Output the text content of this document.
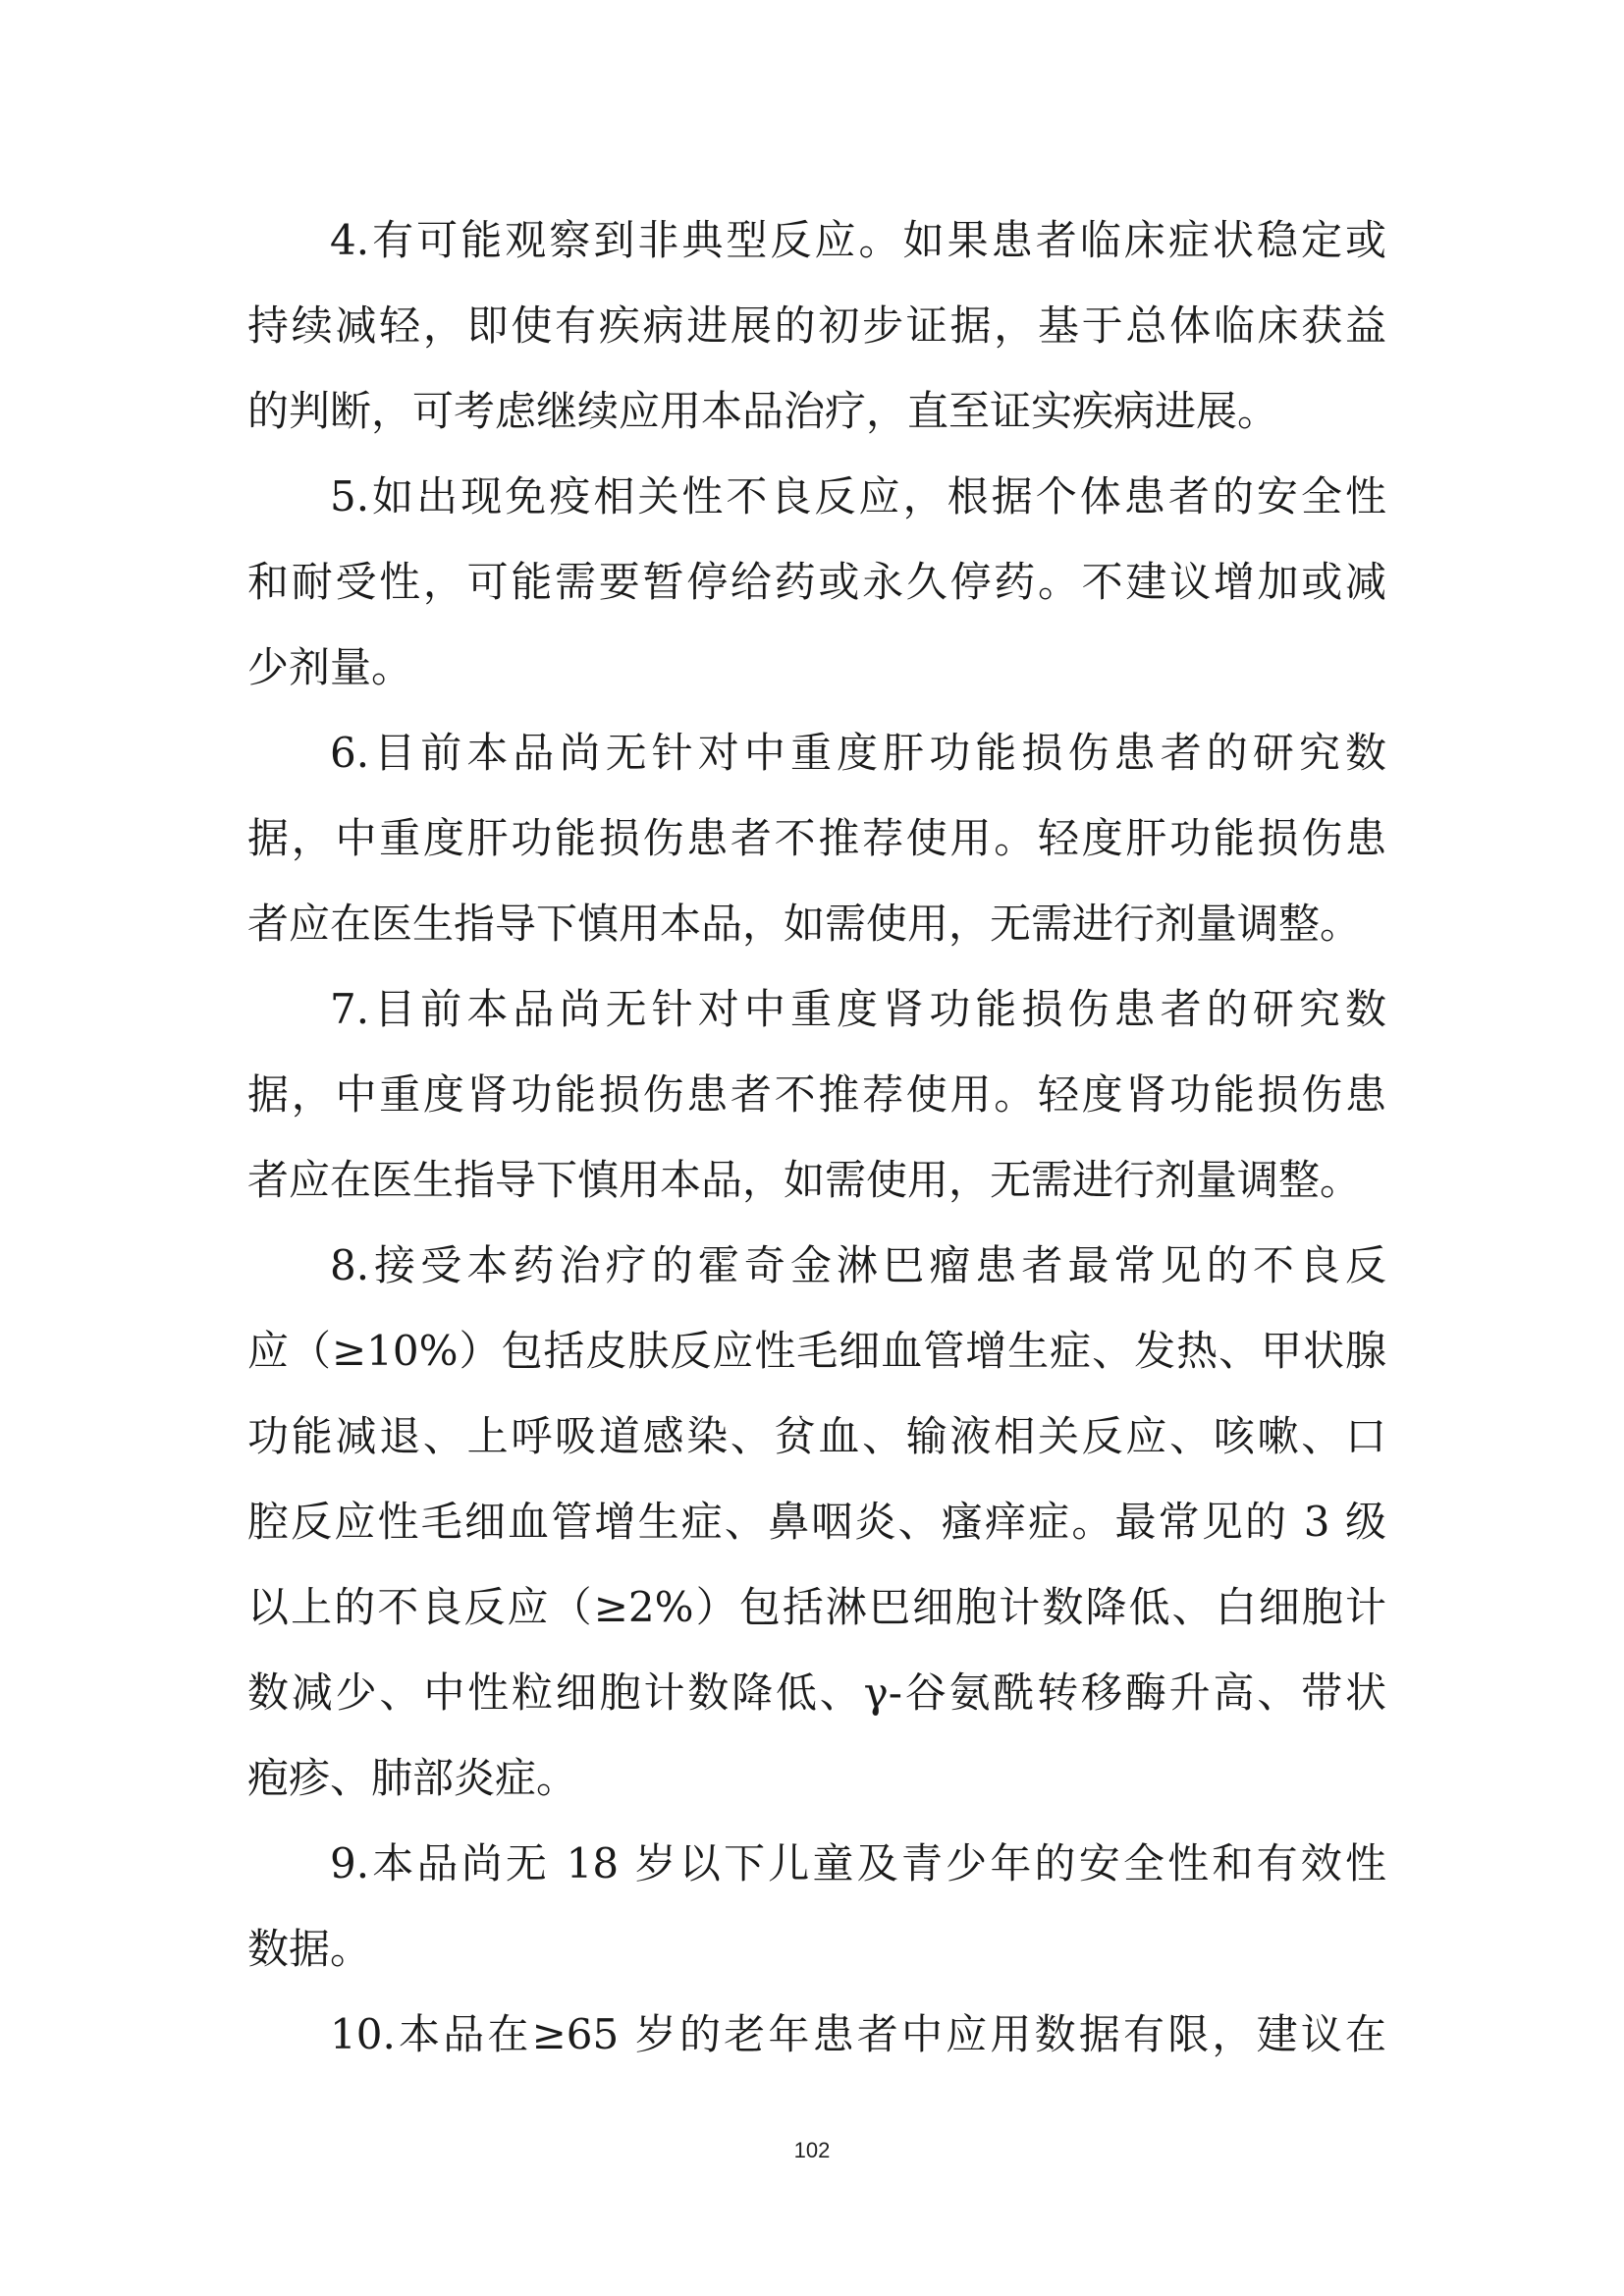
4.有可能观察到非典型反应。如果患者临床症状稳定或
持续减轻，即使有疾病进展的初步证据，基于总体临床获益
的判断，可考虑继续应用本品治疗，直至证实疾病进展。
5.如出现免疫相关性不良反应，根据个体患者的安全性
和耐受性，可能需要暂停给药或永久停药。不建议增加或减
少剂量。
6.目前本品尚无针对中重度肝功能损伤患者的研究数
据，中重度肝功能损伤患者不推荐使用。轻度肝功能损伤患
者应在医生指导下慎用本品，如需使用，无需进行剂量调整。
7.目前本品尚无针对中重度肾功能损伤患者的研究数
据，中重度肾功能损伤患者不推荐使用。轻度肾功能损伤患
者应在医生指导下慎用本品，如需使用，无需进行剂量调整。
8.接受本药治疗的霍奇金淋巴瘤患者最常见的不良反
应（≥10%）包括皮肤反应性毛细血管增生症、发热、甲状腺
功能减退、上呼吸道感染、贫血、输液相关反应、咳嗽、口
腔反应性毛细血管增生症、鼻咽炎、瘙痒症。最常见的 3 级
以上的不良反应（≥2%）包括淋巴细胞计数降低、白细胞计
数减少、中性粒细胞计数降低、γ-谷氨酰转移酶升高、带状
疱疹、肺部炎症。
9.本品尚无 18 岁以下儿童及青少年的安全性和有效性
数据。
10.本品在≥65 岁的老年患者中应用数据有限，建议在
102
